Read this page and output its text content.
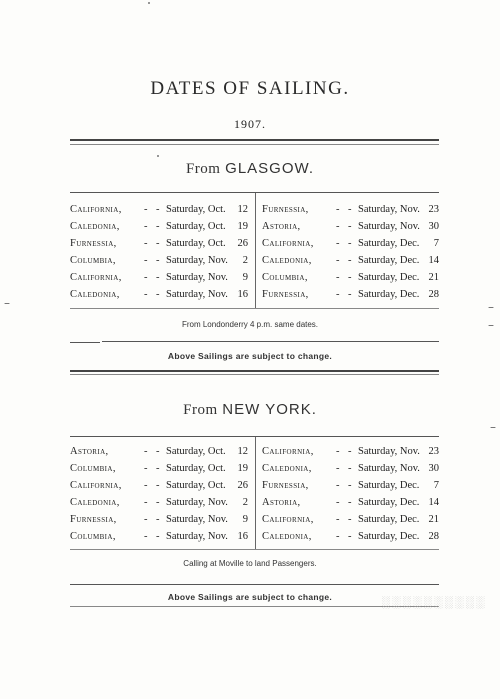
DATES OF SAILING.
1907.
From GLASGOW.
California, - - Saturday, Oct. 12
Caledonia, - - Saturday, Oct. 19
Furnessia,	- - Saturday, Oct. 26
Columbia,	- - Saturday, Nov. 2
California, - - Saturday, Nov. 9
Caledonia, - - Saturday, Nov. 16
Furnessia,	- - Saturday, Nov. 23
Astoria,	- - Saturday, Nov. 30
California, - - Saturday, Dec. 7
Caledonia, - - Saturday, Dec. 14
Columbia,	- - Saturday, Dec. 21
Furnessia,	- - Saturday, Dec. 28
From Londonderry 4 p.m. same dates.
Above Sailings are subject to change.
From NEW YORK.
Astoria,	- - Saturday, Oct. 12
Columbia,	- - Saturday, Oct. 19
California, - - Saturday, Oct. 26
Caledonia, - - Saturday, Nov. 2
Furnessia,	- - Saturday, Nov. 9
Columbia,	- - Saturday, Nov. 16
California, - - Saturday, Nov. 23
Caledonia, - - Saturday, Nov. 30
Furnessia,	- - Saturday, Dec. 7
Astoria,	- - Saturday, Dec. 14
California, - - Saturday, Dec. 21
Caledonia, - - Saturday, Dec. 28
Calling at Moville to land Passengers.
Above Sailings are subject to change.
–	–
–
–
░░░░░░░░░░
